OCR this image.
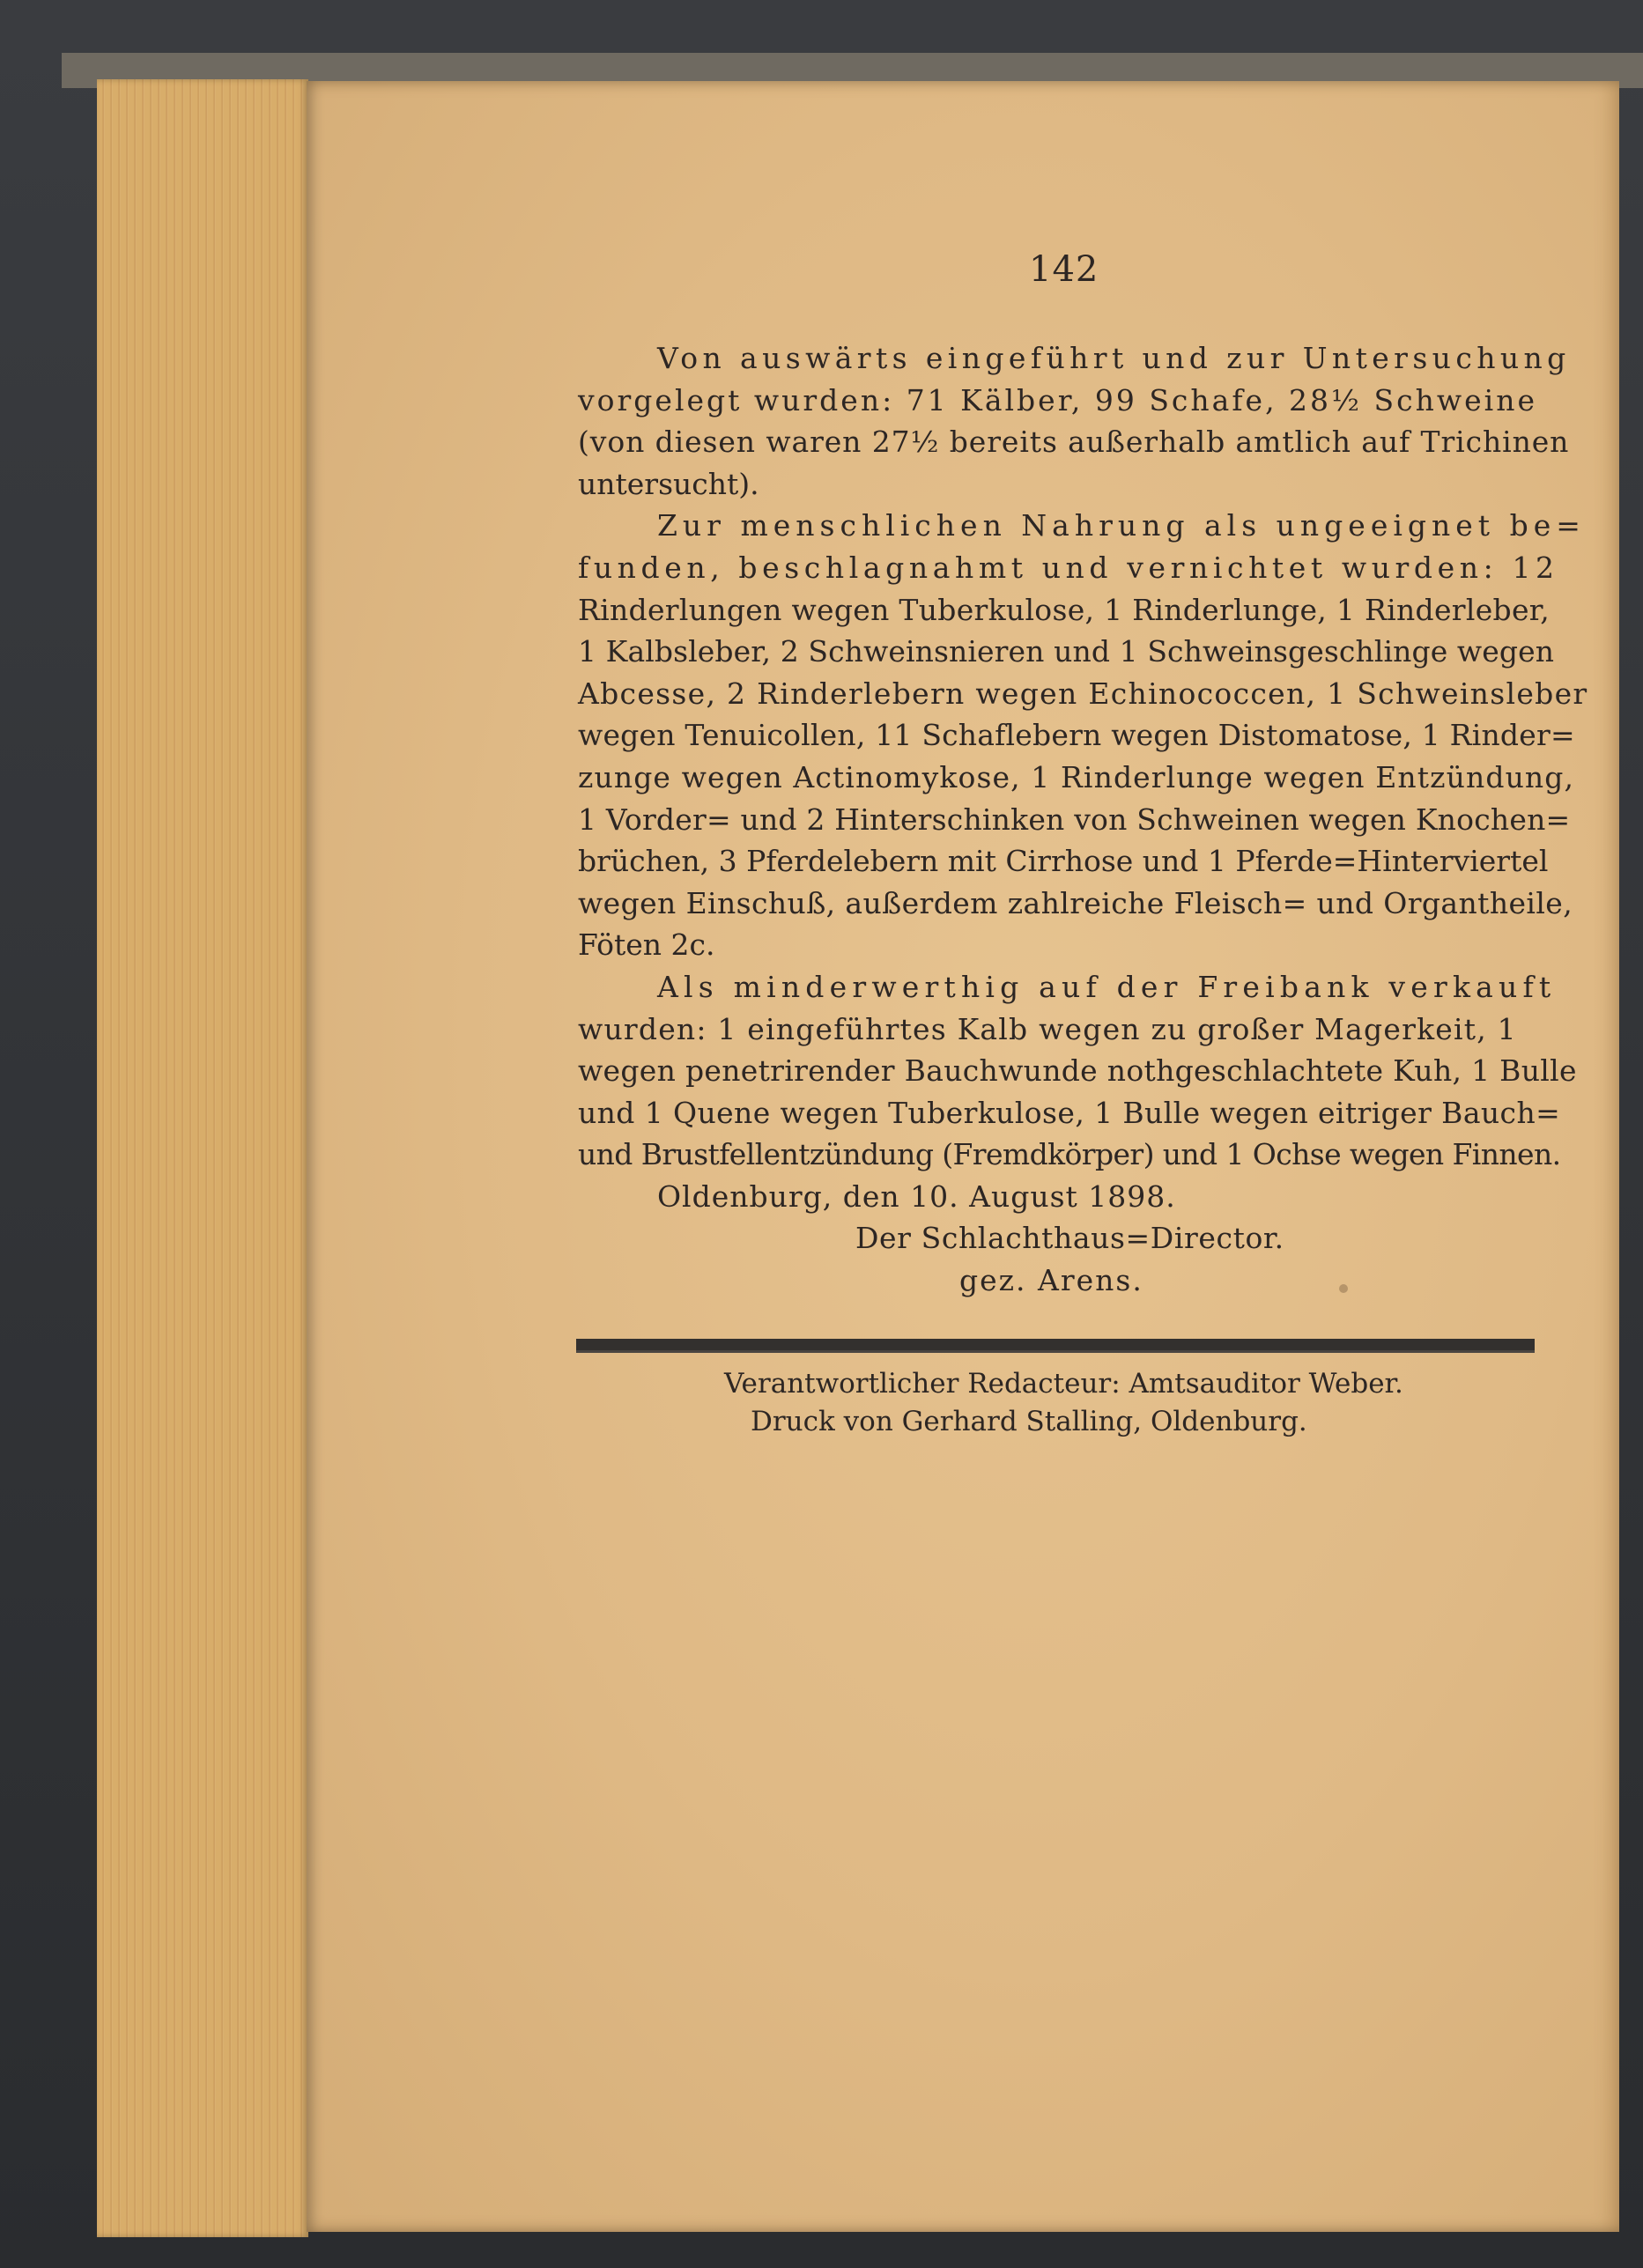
142
Von auswärts eingeführt und zur Untersuchung
vorgelegt wurden: 71 Kälber, 99 Schafe, 28½ Schweine
(von diesen waren 27½ bereits außerhalb amtlich auf Trichinen
untersucht).
Zur menschlichen Nahrung als ungeeignet be=
funden, beschlagnahmt und vernichtet wurden: 12
Rinderlungen wegen Tuberkulose, 1 Rinderlunge, 1 Rinderleber,
1 Kalbsleber, 2 Schweinsnieren und 1 Schweinsgeschlinge wegen
Abcesse, 2 Rinderlebern wegen Echinococcen, 1 Schweinsleber
wegen Tenuicollen, 11 Schaflebern wegen Distomatose, 1 Rinder=
zunge wegen Actinomykose, 1 Rinderlunge wegen Entzündung,
1 Vorder= und 2 Hinterschinken von Schweinen wegen Knochen=
brüchen, 3 Pferdelebern mit Cirrhose und 1 Pferde=Hinterviertel
wegen Einschuß, außerdem zahlreiche Fleisch= und Organtheile,
Föten 2c.
Als minderwerthig auf der Freibank verkauft
wurden: 1 eingeführtes Kalb wegen zu großer Magerkeit, 1
wegen penetrirender Bauchwunde nothgeschlachtete Kuh, 1 Bulle
und 1 Quene wegen Tuberkulose, 1 Bulle wegen eitriger Bauch=
und Brustfellentzündung (Fremdkörper) und 1 Ochse wegen Finnen.
Oldenburg, den 10. August 1898.
Der Schlachthaus=Director.
gez. Arens.
Verantwortlicher Redacteur: Amtsauditor Weber.
Druck von Gerhard Stalling, Oldenburg.
